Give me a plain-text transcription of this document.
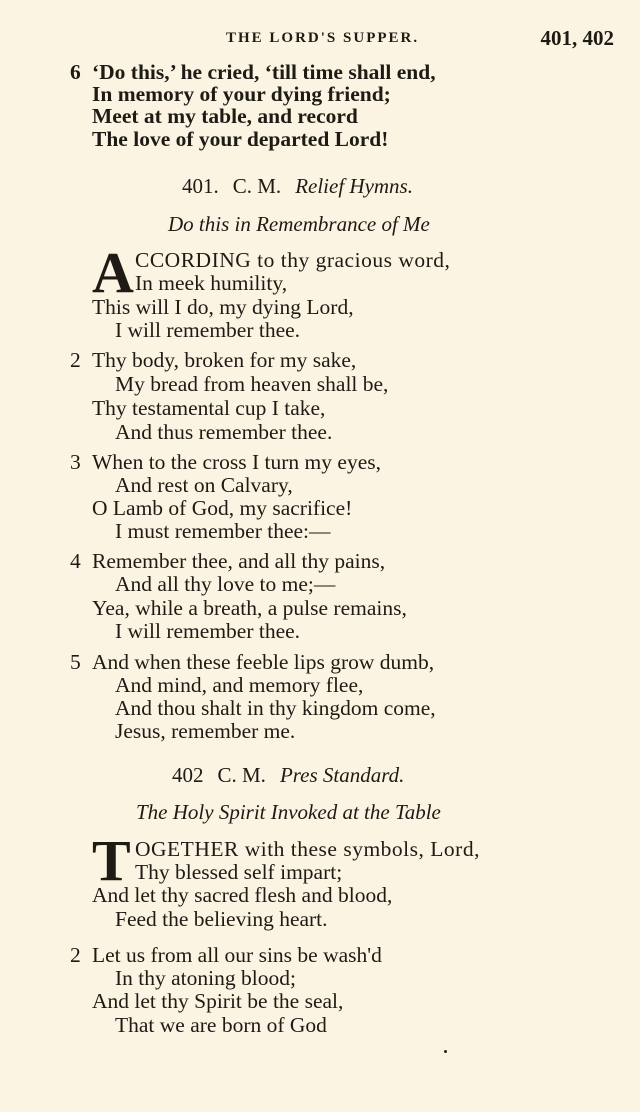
THE LORD'S SUPPER.	401, 402
6 ‘Do this,’ he cried, ‘till time shall end,
In memory of your dying friend;
Meet at my table, and record
The love of your departed Lord!
401. C. M. Relief Hymns.
Do this in Remembrance of Me
A CCORDING to thy gracious word,
In meek humility,
This will I do, my dying Lord,
I will remember thee.
2 Thy body, broken for my sake,
My bread from heaven shall be,
Thy testamental cup I take,
And thus remember thee.
3 When to the cross I turn my eyes,
And rest on Calvary,
O Lamb of God, my sacrifice!
I must remember thee:—
4 Remember thee, and all thy pains,
And all thy love to me;—
Yea, while a breath, a pulse remains,
I will remember thee.
5 And when these feeble lips grow dumb,
And mind, and memory flee,
And thou shalt in thy kingdom come,
Jesus, remember me.
402 C. M. Pres Standard.
The Holy Spirit Invoked at the Table
T OGETHER with these symbols, Lord,
Thy blessed self impart;
And let thy sacred flesh and blood,
Feed the believing heart.
2 Let us from all our sins be wash'd
In thy atoning blood;
And let thy Spirit be the seal,
That we are born of God
